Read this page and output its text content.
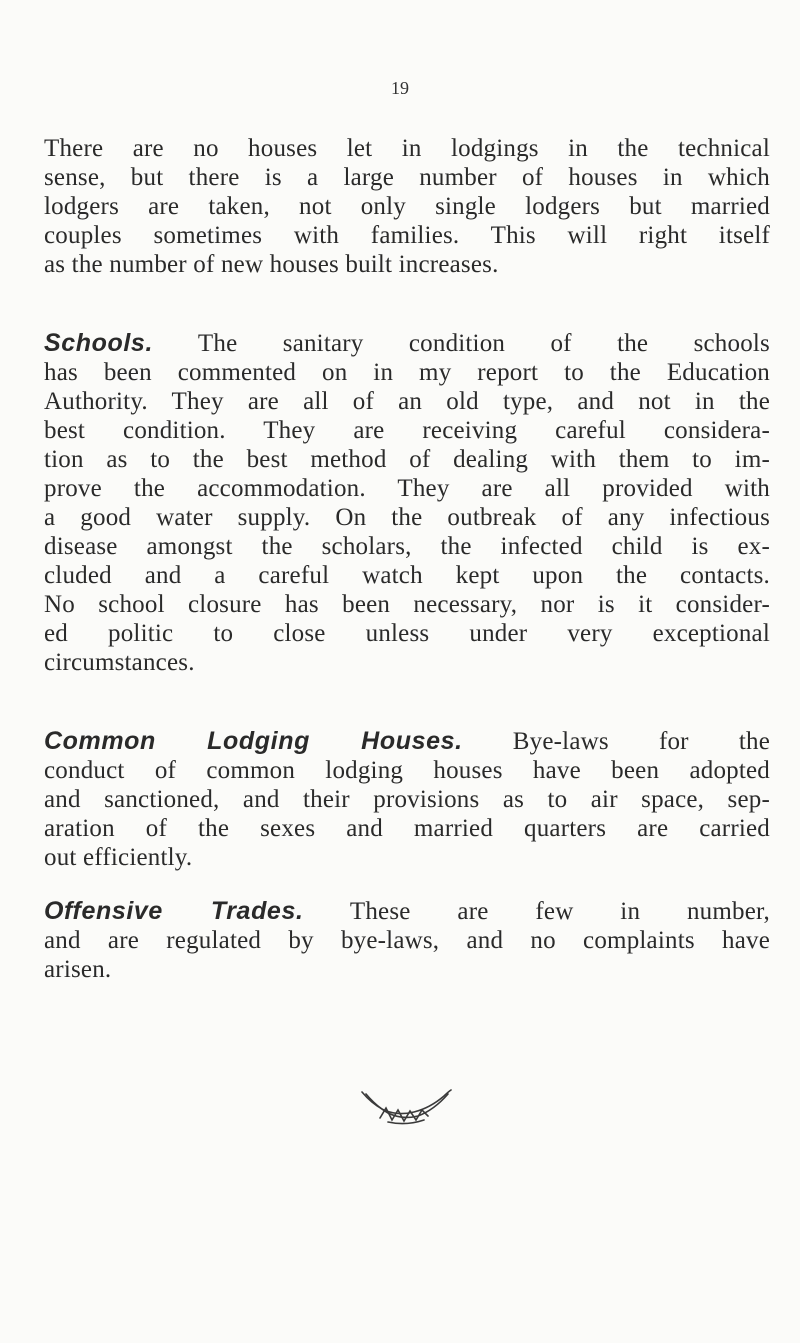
19
There are no houses let in lodgings in the technical
sense, but there is a large number of houses in which
lodgers are taken, not only single lodgers but married
couples sometimes with families. This will right itself
as the number of new houses built increases.
Schools. The sanitary condition of the schools
has been commented on in my report to the Education
Authority. They are all of an old type, and not in the
best condition. They are receiving careful considera-
tion as to the best method of dealing with them to im-
prove the accommodation. They are all provided with
a good water supply. On the outbreak of any infectious
disease amongst the scholars, the infected child is ex-
cluded and a careful watch kept upon the contacts.
No school closure has been necessary, nor is it consider-
ed politic to close unless under very exceptional
circumstances.
Common Lodging Houses. Bye-laws for the
conduct of common lodging houses have been adopted
and sanctioned, and their provisions as to air space, sep-
aration of the sexes and married quarters are carried
out efficiently.
Offensive Trades. These are few in number,
and are regulated by bye-laws, and no complaints have
arisen.
